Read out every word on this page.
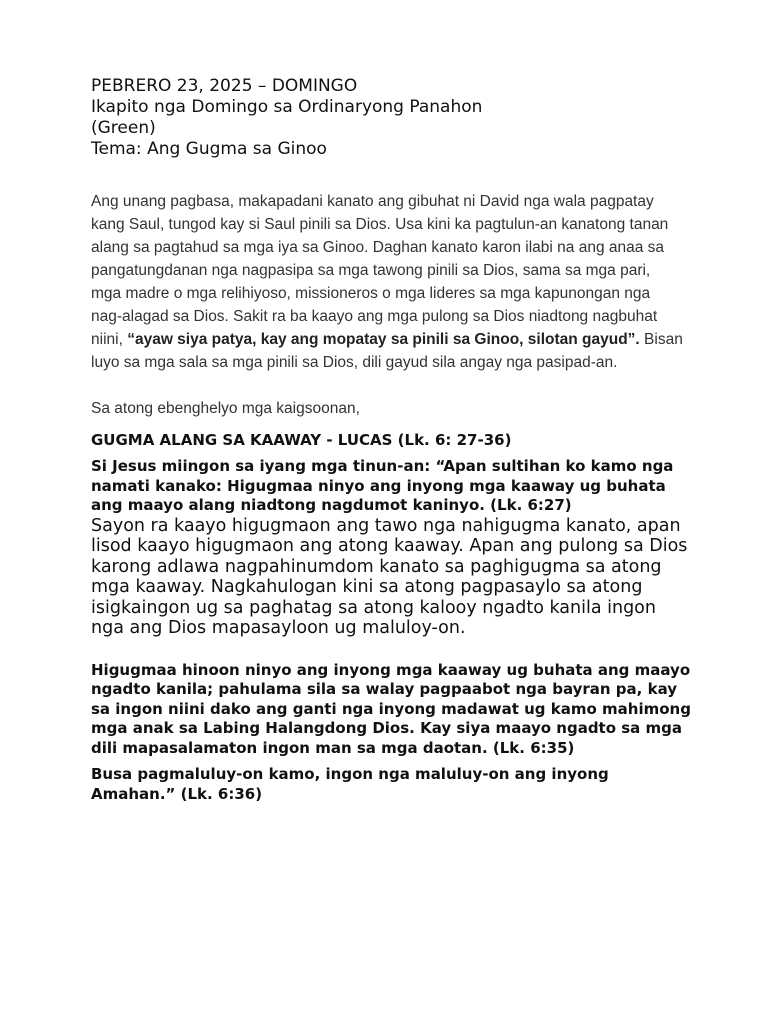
PEBRERO 23, 2025 – DOMINGO

Ikapito nga Domingo sa Ordinaryong Panahon

(Green)

Tema: Ang Gugma sa Ginoo

Ang unang pagbasa, makapadani kanato ang gibuhat ni David nga wala pagpatay kang Saul, tungod kay si Saul pinili sa Dios. Usa kini ka pagtulun-an kanatong tanan alang sa pagtahud sa mga iya sa Ginoo. Daghan kanato karon ilabi na ang anaa sa pangatungdanan nga nagpasipa sa mga tawong pinili sa Dios, sama sa mga pari, mga madre o mga relihiyoso, missioneros o mga lideres sa mga kapunongan nga nag-alagad sa Dios. Sakit ra ba kaayo ang mga pulong sa Dios niadtong nagbuhat niini, “ayaw siya patya, kay ang mopatay sa pinili sa Ginoo, silotan gayud”. Bisan luyo sa mga sala sa mga pinili sa Dios, dili gayud sila angay nga pasipad-an.
Sa atong ebenghelyo mga kaigsoonan,
GUGMA ALANG SA KAAWAY - LUCAS (Lk. 6: 27-36)
Si Jesus miingon sa iyang mga tinun-an: “Apan sultihan ko kamo nga namati kanako: Higugmaa ninyo ang inyong mga kaaway ug buhata ang maayo alang niadtong nagdumot kaninyo. (Lk. 6:27)
Sayon ra kaayo higugmaon ang tawo nga nahigugma kanato, apan lisod kaayo higugmaon ang atong kaaway. Apan ang pulong sa Dios karong adlawa nagpahinumdom kanato sa paghigugma sa atong mga kaaway. Nagkahulogan kini sa atong pagpasaylo sa atong isigkaingon ug sa paghatag sa atong kalooy ngadto kanila ingon nga ang Dios mapasayloon ug maluloy-on.
Higugmaa hinoon ninyo ang inyong mga kaaway ug buhata ang maayo ngadto kanila; pahulama sila sa walay pagpaabot nga bayran pa, kay sa ingon niini dako ang ganti nga inyong madawat ug kamo mahimong mga anak sa Labing Halangdong Dios. Kay siya maayo ngadto sa mga dili mapasalamaton ingon man sa mga daotan. (Lk. 6:35)
Busa pagmaluluy-on kamo, ingon nga maluluy-on ang inyong Amahan.” (Lk. 6:36)
